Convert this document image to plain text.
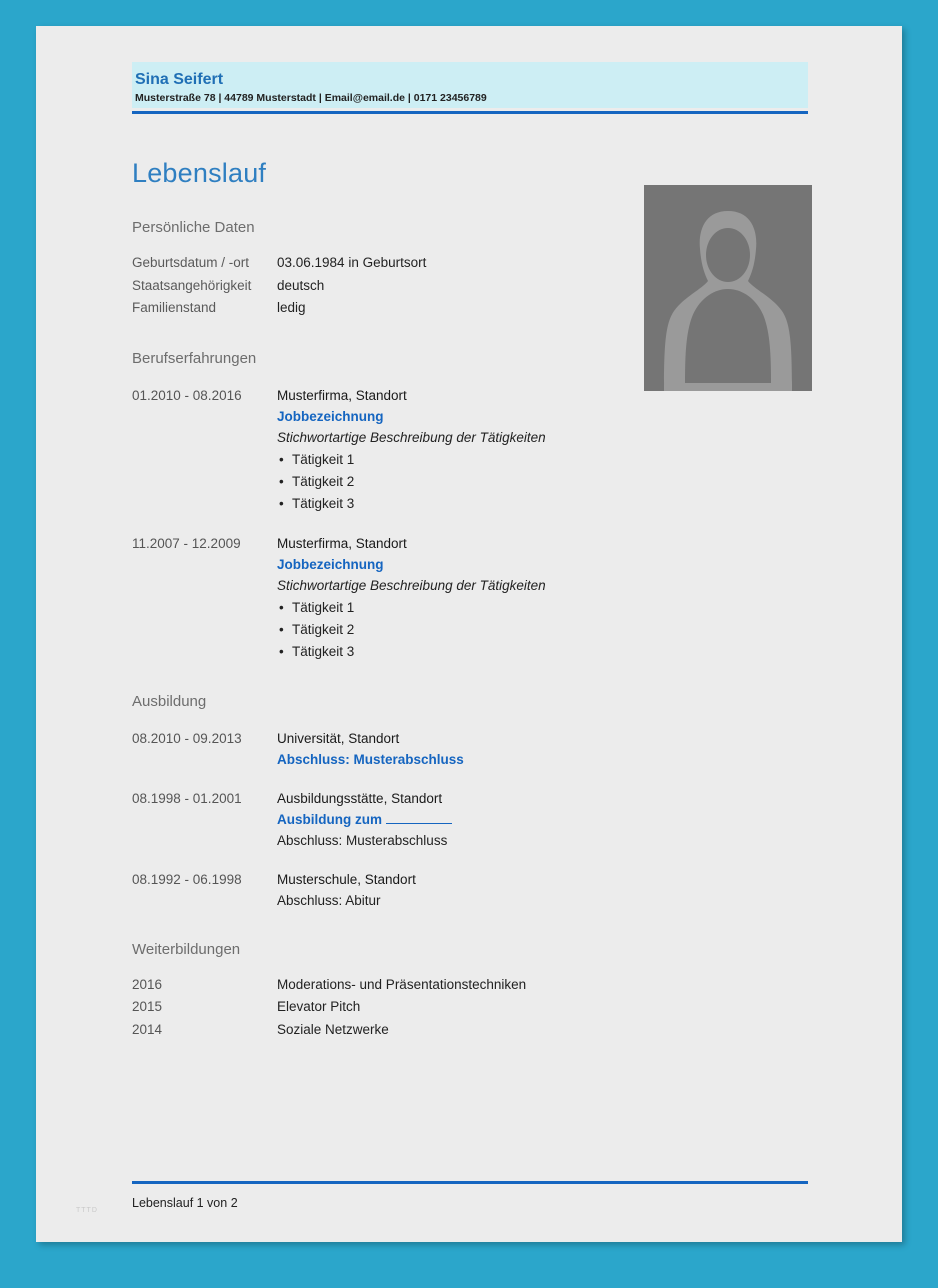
Sina Seifert
Musterstraße 78 | 44789 Musterstadt | Email@email.de | 0171 23456789
Lebenslauf
Persönliche Daten
Geburtsdatum / -ort	03.06.1984 in Geburtsort
Staatsangehörigkeit	deutsch
Familienstand	ledig
Berufserfahrungen
01.2010 - 08.2016	Musterfirma, Standort
Jobbezeichnung
Stichwortartige Beschreibung der Tätigkeiten
• Tätigkeit 1
• Tätigkeit 2
• Tätigkeit 3
11.2007 - 12.2009	Musterfirma, Standort
Jobbezeichnung
Stichwortartige Beschreibung der Tätigkeiten
• Tätigkeit 1
• Tätigkeit 2
• Tätigkeit 3
Ausbildung
08.2010 - 09.2013	Universität, Standort
Abschluss: Musterabschluss
08.1998 - 01.2001	Ausbildungsstätte, Standort
Ausbildung zum
Abschluss: Musterabschluss
08.1992 - 06.1998	Musterschule, Standort
Abschluss: Abitur
Weiterbildungen
2016	Moderations- und Präsentationstechniken
2015	Elevator Pitch
2014	Soziale Netzwerke
Lebenslauf 1 von 2
TTTD
